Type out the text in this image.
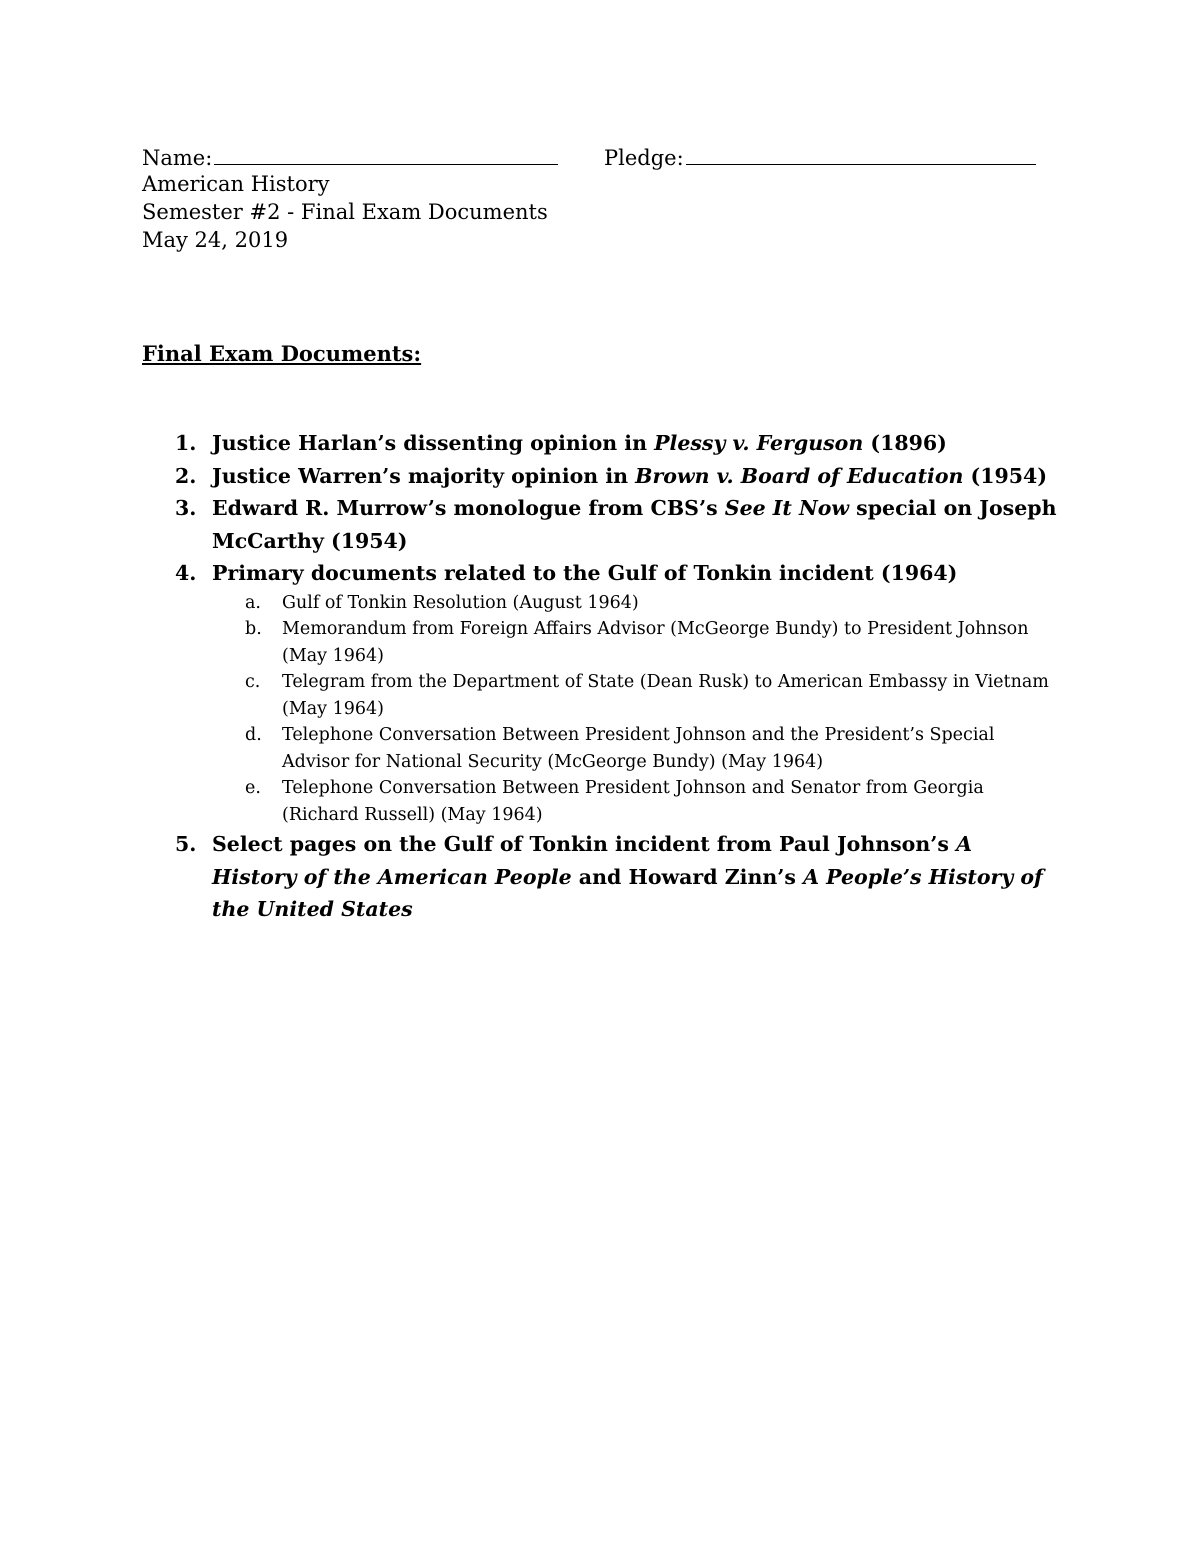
Name:	Pledge:
American History
Semester #2 - Final Exam Documents
May 24, 2019
Final Exam Documents:
1. Justice Harlan’s dissenting opinion in Plessy v. Ferguson (1896)
2. Justice Warren’s majority opinion in Brown v. Board of Education (1954)
3. Edward R. Murrow’s monologue from CBS’s See It Now special on Joseph McCarthy (1954)
4. Primary documents related to the Gulf of Tonkin incident (1964)
a. Gulf of Tonkin Resolution (August 1964)
b. Memorandum from Foreign Affairs Advisor (McGeorge Bundy) to President Johnson (May 1964)
c. Telegram from the Department of State (Dean Rusk) to American Embassy in Vietnam (May 1964)
d. Telephone Conversation Between President Johnson and the President’s Special Advisor for National Security (McGeorge Bundy) (May 1964)
e. Telephone Conversation Between President Johnson and Senator from Georgia (Richard Russell) (May 1964)
5. Select pages on the Gulf of Tonkin incident from Paul Johnson’s A History of the American People and Howard Zinn’s A People’s History of the United States
